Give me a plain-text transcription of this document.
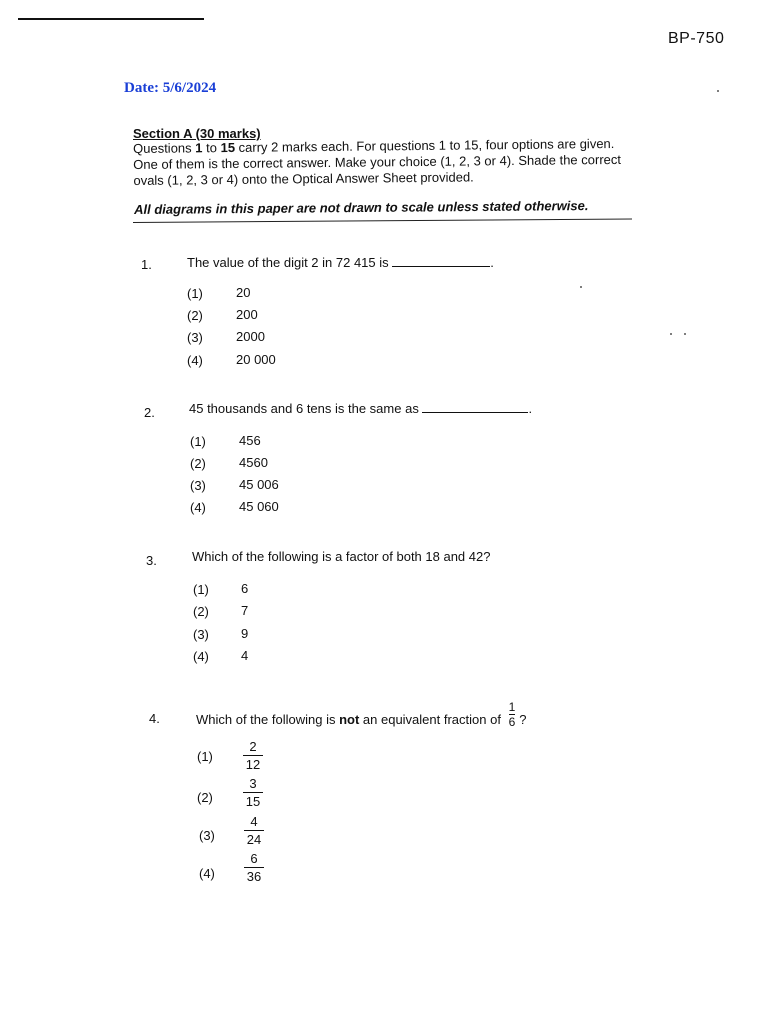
BP-750
Date: 5/6/2024
Section A (30 marks)
Questions 1 to 15 carry 2 marks each. For questions 1 to 15, four options are given. One of them is the correct answer. Make your choice (1, 2, 3 or 4). Shade the correct ovals (1, 2, 3 or 4) onto the Optical Answer Sheet provided.
All diagrams in this paper are not drawn to scale unless stated otherwise.
1.	The value of the digit 2 in 72 415 is	.
(1)	20
(2)	200
(3)	2000
(4)	20 000
2.	45 thousands and 6 tens is the same as	.
(1)	456
(2)	4560
(3)	45 006
(4)	45 060
3.	Which of the following is a factor of both 18 and 42?
(1) 6
(2) 7
(3) 9
(4) 4
4.	Which of the following is not an equivalent fraction of $\frac{1}{6}$ ?
(1)
2
12
(2)
3
15
(3)
4
24
(4)
6
36
